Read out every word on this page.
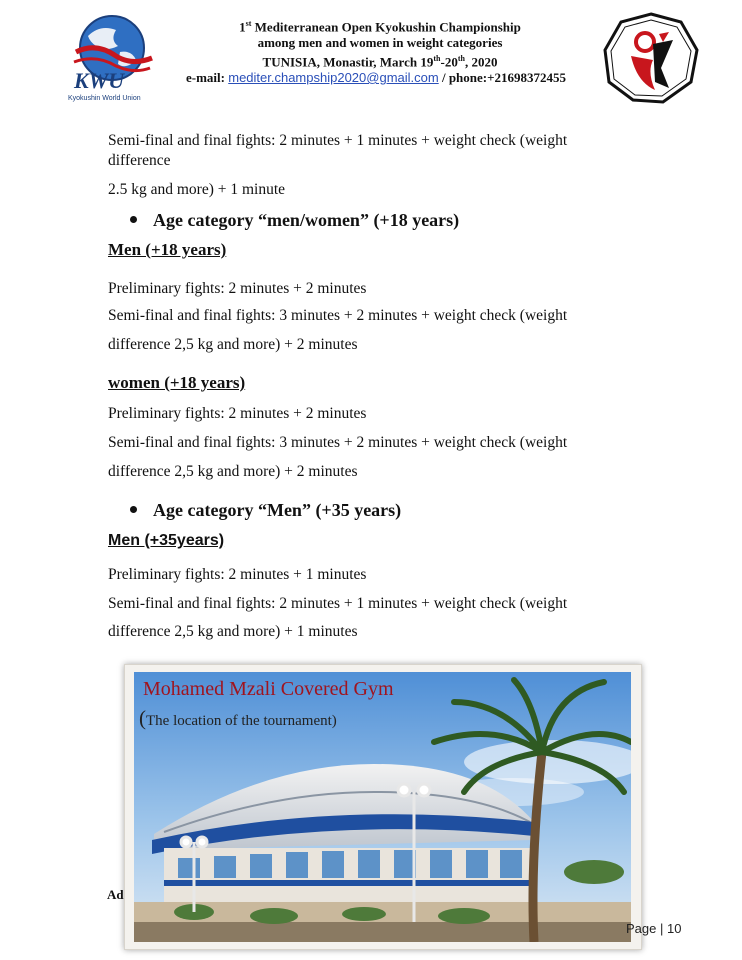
KWU
Kyokushin World Union
1st Mediterranean Open Kyokushin Championship
among men and women in weight categories
TUNISIA, Monastir, March 19th-20th, 2020
e-mail: mediter.champship2020@gmail.com / phone:+21698372455
Semi-final and final fights: 2 minutes + 1 minutes + weight check (weight
difference
2.5 kg and more) + 1 minute
Age category “men/women” (+18 years)
Men (+18 years)
Preliminary fights: 2 minutes + 2 minutes
Semi-final and final fights: 3 minutes + 2 minutes + weight check (weight
difference 2,5 kg and more) + 2 minutes
women (+18 years)
Preliminary fights: 2 minutes + 2 minutes
Semi-final and final fights: 3 minutes + 2 minutes + weight check (weight
difference 2,5 kg and more) + 2 minutes
Age category “Men” (+35 years)
Men (+35years)
Preliminary fights: 2 minutes + 1 minutes
Semi-final and final fights: 2 minutes + 1 minutes + weight check (weight
difference 2,5 kg and more) + 1 minutes
Mohamed Mzali Covered Gym
(The location of the tournament)
Ad
Page | 10
